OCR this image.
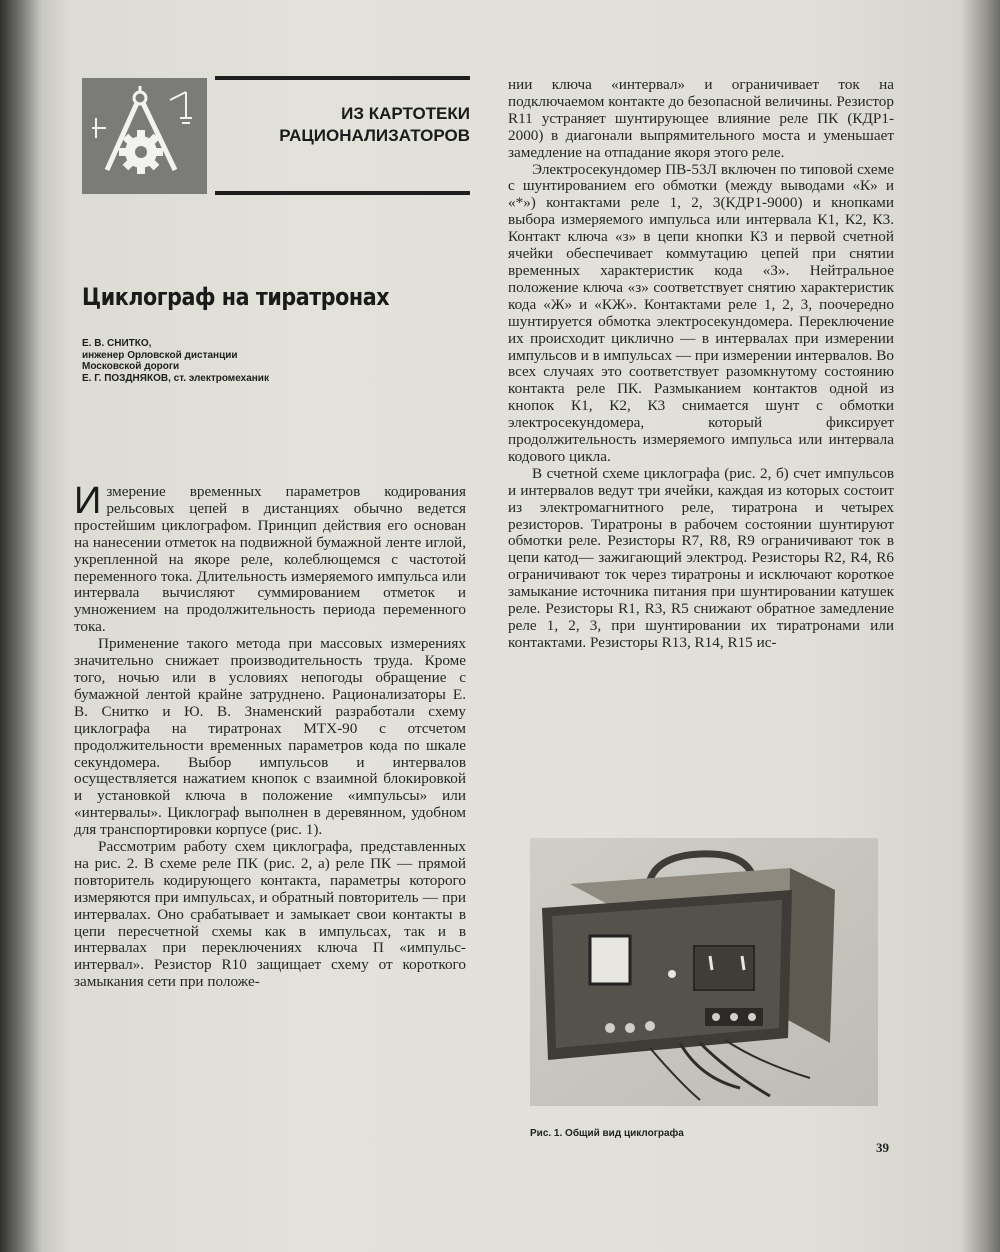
ИЗ КАРТОТЕКИ
РАЦИОНАЛИЗАТОРОВ
Циклограф на тиратронах
Е. В. СНИТКО,
инженер Орловской дистанции
Московской дороги
Е. Г. ПОЗДНЯКОВ, ст. электромеханик

Измерение временных параметров кодирования рельсовых цепей в дистанциях обычно ведется простейшим циклографом. Принцип действия его основан на нанесении отметок на подвижной бумажной ленте иглой, укрепленной на якоре реле, колеблющемся с частотой переменного тока. Длительность измеряемого импульса или интервала вычисляют суммированием отметок и умножением на продолжительность периода переменного тока.

Применение такого метода при массовых измерениях значительно снижает производительность труда. Кроме того, ночью или в условиях непогоды обращение с бумажной лентой крайне затруднено. Рационализаторы Е. В. Снитко и Ю. В. Знаменский разработали схему циклографа на тиратронах МТХ-90 с отсчетом продолжительности временных параметров кода по шкале секундомера. Выбор импульсов и интервалов осуществляется нажатием кнопок с взаимной блокировкой и установкой ключа в положение «импульсы» или «интервалы». Циклограф выполнен в деревянном, удобном для транспортировки корпусе (рис. 1).

Рассмотрим работу схем циклографа, представленных на рис. 2. В схеме реле ПК (рис. 2, а) реле ПК — прямой повторитель кодирующего контакта, параметры которого измеряются при импульсах, и обратный повторитель — при интервалах. Оно срабатывает и замыкает свои контакты в цепи пересчетной схемы как в импульсах, так и в интервалах при переключениях ключа П «импульс-интервал». Резистор R10 защищает схему от короткого замыкания сети при положе-

нии ключа «интервал» и ограничивает ток на подключаемом контакте до безопасной величины. Резистор R11 устраняет шунтирующее влияние реле ПК (КДР1-2000) в диагонали выпрямительного моста и уменьшает замедление на отпадание якоря этого реле.

Электросекундомер ПВ-53Л включен по типовой схеме с шунтированием его обмотки (между выводами «К» и «*») контактами реле 1, 2, 3(КДР1-9000) и кнопками выбора измеряемого импульса или интервала К1, К2, К3. Контакт ключа «з» в цепи кнопки К3 и первой счетной ячейки обеспечивает коммутацию цепей при снятии временных характеристик кода «З». Нейтральное положение ключа «з» соответствует снятию характеристик кода «Ж» и «КЖ». Контактами реле 1, 2, 3, поочередно шунтируется обмотка электросекундомера. Переключение их происходит циклично — в интервалах при измерении импульсов и в импульсах — при измерении интервалов. Во всех случаях это соответствует разомкнутому состоянию контакта реле ПК. Размыканием контактов одной из кнопок К1, К2, К3 снимается шунт с обмотки электросекундомера, который фиксирует продолжительность измеряемого импульса или интервала кодового цикла.

В счетной схеме циклографа (рис. 2, б) счет импульсов и интервалов ведут три ячейки, каждая из которых состоит из электромагнитного реле, тиратрона и четырех резисторов. Тиратроны в рабочем состоянии шунтируют обмотки реле. Резисторы R7, R8, R9 ограничивают ток в цепи катод— зажигающий электрод. Резисторы R2, R4, R6 ограничивают ток через тиратроны и исключают короткое замыкание источника питания при шунтировании катушек реле. Резисторы R1, R3, R5 снижают обратное замедление реле 1, 2, 3, при шунтировании их тиратронами или контактами. Резисторы R13, R14, R15 ис-

Рис. 1. Общий вид циклографа
39
